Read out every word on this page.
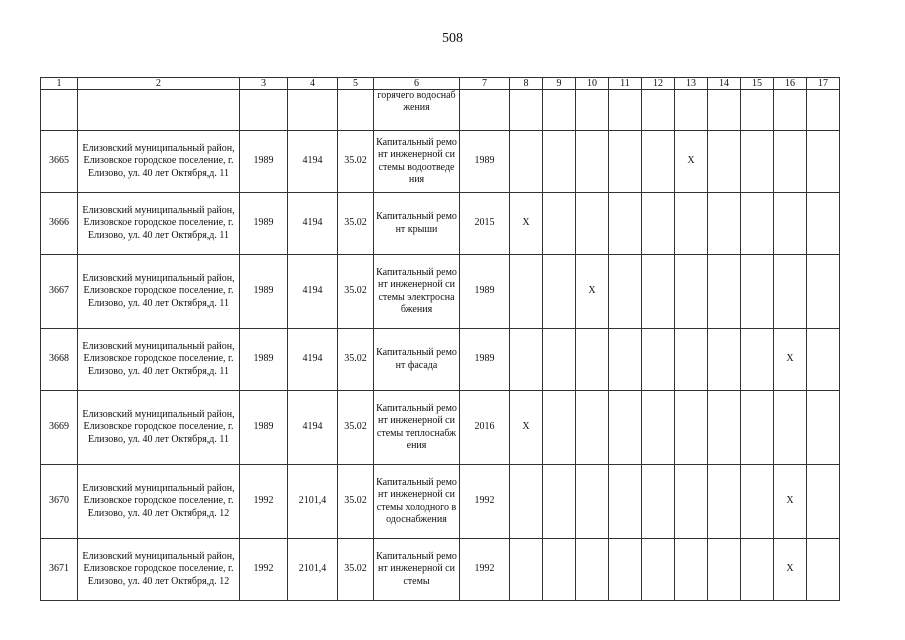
508
1	2	3	4	5	6	7	8	9	10	11	12	13	14	15	16	17
					горячего водоснабжения											
3665	Елизовский муниципальный район, Елизовское городское поселение, г. Елизово, ул. 40 лет Октября,д. 11	1989	4194	35.02	Капитальный ремонт инженерной системы водоотведения	1989						X				
3666	Елизовский муниципальный район, Елизовское городское поселение, г. Елизово, ул. 40 лет Октября,д. 11	1989	4194	35.02	Капитальный ремонт крыши	2015	X									
3667	Елизовский муниципальный район, Елизовское городское поселение, г. Елизово, ул. 40 лет Октября,д. 11	1989	4194	35.02	Капитальный ремонт инженерной системы электроснабжения	1989			X							
3668	Елизовский муниципальный район, Елизовское городское поселение, г. Елизово, ул. 40 лет Октября,д. 11	1989	4194	35.02	Капитальный ремонт фасада	1989									X	
3669	Елизовский муниципальный район, Елизовское городское поселение, г. Елизово, ул. 40 лет Октября,д. 11	1989	4194	35.02	Капитальный ремонт инженерной системы теплоснабжения	2016	X									
3670	Елизовский муниципальный район, Елизовское городское поселение, г. Елизово, ул. 40 лет Октября,д. 12	1992	2101,4	35.02	Капитальный ремонт инженерной системы холодного водоснабжения	1992									X	
3671	Елизовский муниципальный район, Елизовское городское поселение, г. Елизово, ул. 40 лет Октября,д. 12	1992	2101,4	35.02	Капитальный ремонт инженерной системы	1992									X	
